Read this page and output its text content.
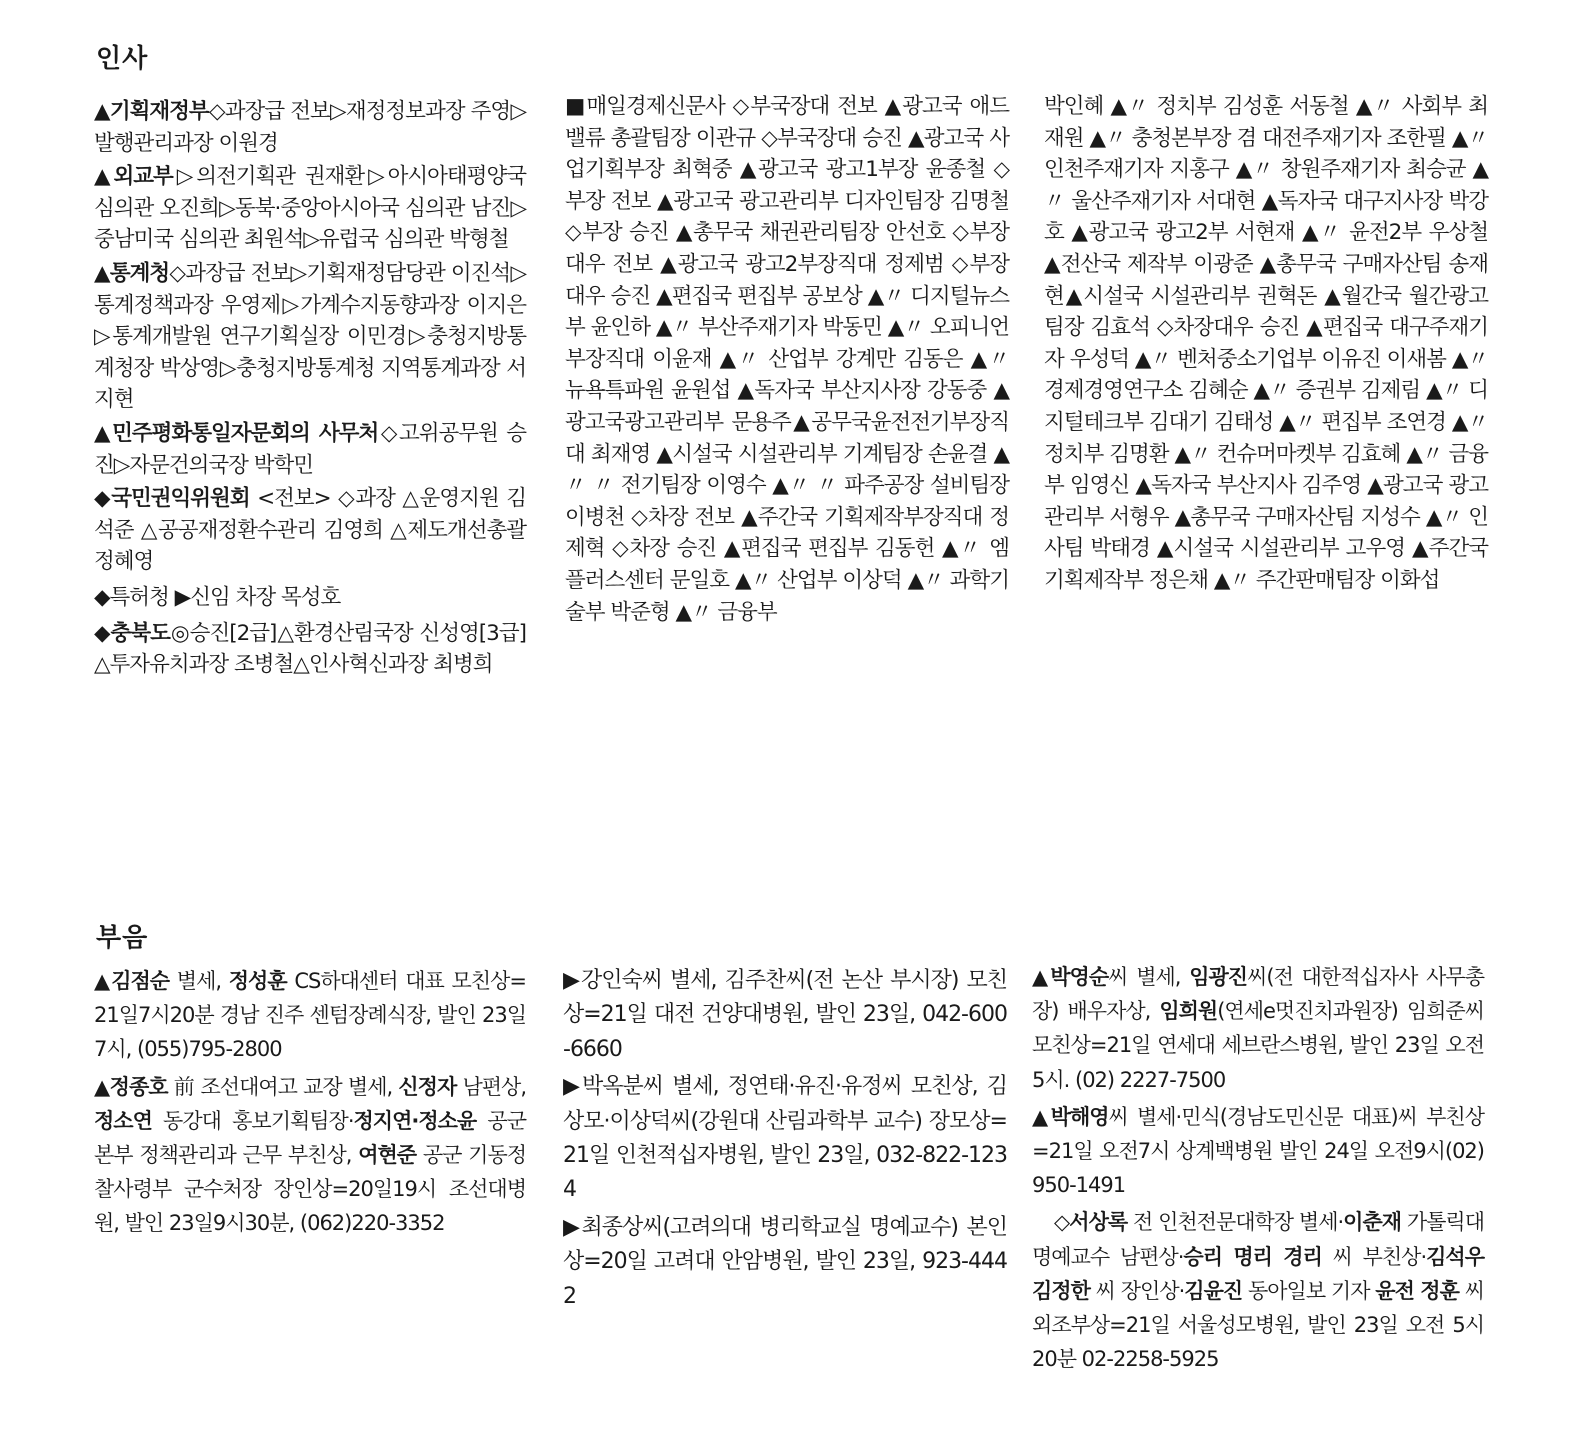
인사

▲기획재정부◇과장급 전보▷재정정보과장 주영▷발행관리과장 이원경

▲외교부▷의전기획관 권재환▷아시아태평양국 심의관 오진희▷동북·중앙아시아국 심의관 남진▷중남미국 심의관 최원석▷유럽국 심의관 박형철

▲통계청◇과장급 전보▷기획재정담당관 이진석▷통계정책과장 우영제▷가계수지동향과장 이지은▷통계개발원 연구기획실장 이민경▷충청지방통계청장 박상영▷충청지방통계청 지역통계과장 서지현

▲민주평화통일자문회의 사무처◇고위공무원 승진▷자문건의국장 박학민

◆국민권익위원회 <전보> ◇과장 △운영지원 김석준 △공공재정환수관리 김영희 △제도개선총괄 정혜영

◆특허청 ▶신임 차장 목성호

◆충북도◎승진[2급]△환경산림국장 신성영[3급]△투자유치과장 조병철△인사혁신과장 최병희

■매일경제신문사 ◇부국장대 전보 ▲광고국 애드밸류 총괄팀장 이관규 ◇부국장대 승진 ▲광고국 사업기획부장 최혁중 ▲광고국 광고1부장 윤종철 ◇부장 전보 ▲광고국 광고관리부 디자인팀장 김명철 ◇부장 승진 ▲총무국 채권관리팀장 안선호 ◇부장대우 전보 ▲광고국 광고2부장직대 정제범 ◇부장대우 승진 ▲편집국 편집부 공보상 ▲〃 디지털뉴스부 윤인하 ▲〃 부산주재기자 박동민 ▲〃 오피니언부장직대 이윤재 ▲〃 산업부 강계만 김동은 ▲〃 뉴욕특파원 윤원섭 ▲독자국 부산지사장 강동중 ▲광고국광고관리부 문용주▲공무국윤전전기부장직대 최재영 ▲시설국 시설관리부 기계팀장 손윤결 ▲〃 〃 전기팀장 이영수 ▲〃 〃 파주공장 설비팀장 이병천 ◇차장 전보 ▲주간국 기획제작부장직대 정제혁 ◇차장 승진 ▲편집국 편집부 김동헌 ▲〃 엠플러스센터 문일호 ▲〃 산업부 이상덕 ▲〃 과학기술부 박준형 ▲〃 금융부

박인혜 ▲〃 정치부 김성훈 서동철 ▲〃 사회부 최재원 ▲〃 충청본부장 겸 대전주재기자 조한필 ▲〃 인천주재기자 지홍구 ▲〃 창원주재기자 최승균 ▲〃 울산주재기자 서대현 ▲독자국 대구지사장 박강호 ▲광고국 광고2부 서현재 ▲〃 윤전2부 우상철 ▲전산국 제작부 이광준 ▲총무국 구매자산팀 송재현▲시설국 시설관리부 권혁돈 ▲월간국 월간광고팀장 김효석 ◇차장대우 승진 ▲편집국 대구주재기자 우성덕 ▲〃 벤처중소기업부 이유진 이새봄 ▲〃 경제경영연구소 김혜순 ▲〃 증권부 김제림 ▲〃 디지털테크부 김대기 김태성 ▲〃 편집부 조연경 ▲〃 정치부 김명환 ▲〃 컨슈머마켓부 김효혜 ▲〃 금융부 임영신 ▲독자국 부산지사 김주영 ▲광고국 광고관리부 서형우 ▲총무국 구매자산팀 지성수 ▲〃 인사팀 박태경 ▲시설국 시설관리부 고우영 ▲주간국 기획제작부 정은채 ▲〃 주간판매팀장 이화섭

부음

▲김점순 별세, 정성훈 CS하대센터 대표 모친상=21일7시20분 경남 진주 센텀장례식장, 발인 23일7시, (055)795-2800

▲정종호 前 조선대여고 교장 별세, 신정자 남편상, 정소연 동강대 홍보기획팀장·정지연·정소윤 공군본부 정책관리과 근무 부친상, 여현준 공군 기동정찰사령부 군수처장 장인상=20일19시 조선대병원, 발인 23일9시30분, (062)220-3352

▶강인숙씨 별세, 김주찬씨(전 논산 부시장) 모친상=21일 대전 건양대병원, 발인 23일, 042-600-6660

▶박옥분씨 별세, 정연태·유진·유정씨 모친상, 김상모·이상덕씨(강원대 산림과학부 교수) 장모상=21일 인천적십자병원, 발인 23일, 032-822-1234

▶최종상씨(고려의대 병리학교실 명예교수) 본인상=20일 고려대 안암병원, 발인 23일, 923-4442

▲박영순씨 별세, 임광진씨(전 대한적십자사 사무총장) 배우자상, 임희원(연세e멋진치과원장) 임희준씨 모친상=21일 연세대 세브란스병원, 발인 23일 오전 5시. (02) 2227-7500

▲박해영씨 별세·민식(경남도민신문 대표)씨 부친상=21일 오전7시 상계백병원 발인 24일 오전9시(02)950-1491

◇서상록 전 인천전문대학장 별세·이춘재 가톨릭대 명예교수 남편상·승리 명리 경리 씨 부친상·김석우 김정한 씨 장인상·김윤진 동아일보 기자 윤전 정훈 씨 외조부상=21일 서울성모병원, 발인 23일 오전 5시 20분 02-2258-5925
